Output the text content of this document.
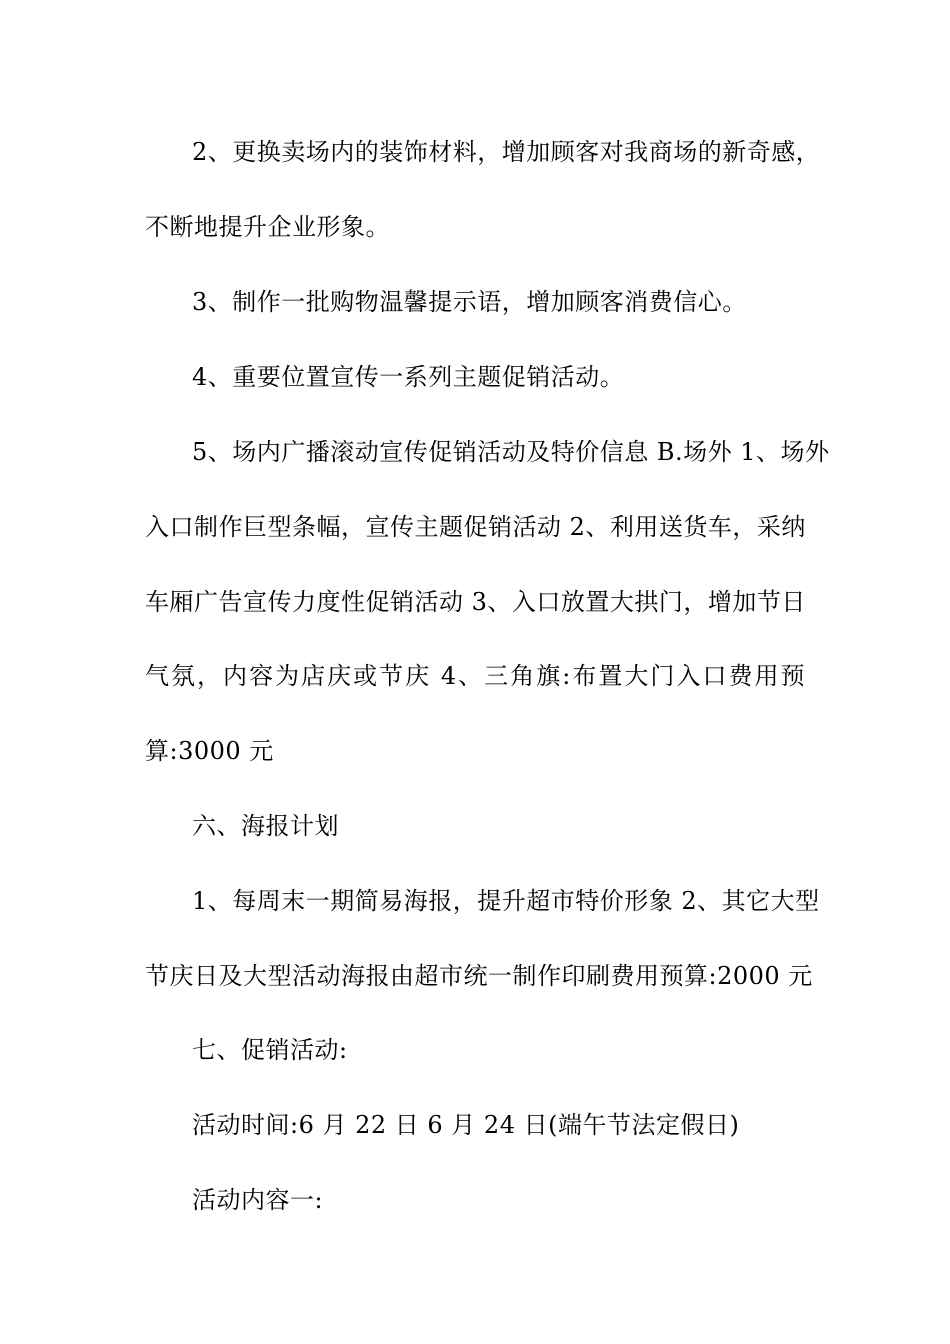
2、更换卖场内的装饰材料，增加顾客对我商场的新奇感，
不断地提升企业形象。
3、制作一批购物温馨提示语，增加顾客消费信心。
4、重要位置宣传一系列主题促销活动。
5、场内广播滚动宣传促销活动及特价信息 B.场外 1、场外
入口制作巨型条幅，宣传主题促销活动 2、利用送货车，采纳
车厢广告宣传力度性促销活动 3、入口放置大拱门，增加节日
气氛，内容为店庆或节庆 4、三角旗:布置大门入口费用预
算:3000 元
六、海报计划
1、每周末一期简易海报，提升超市特价形象 2、其它大型
节庆日及大型活动海报由超市统一制作印刷费用预算:2000 元
七、促销活动:
活动时间:6 月 22 日 6 月 24 日(端午节法定假日)
活动内容一:
